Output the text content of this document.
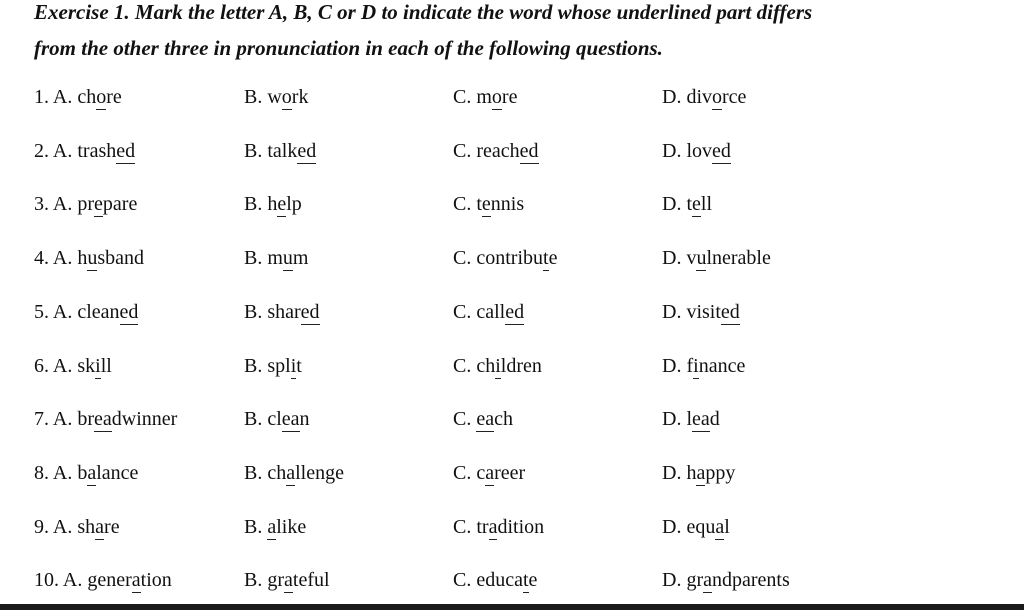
Exercise 1. Mark the letter A, B, C or D to indicate the word whose underlined part differs
from the other three in pronunciation in each of the following questions.
1. A. chore	B. work	C. more	D. divorce
2. A. trashed	B. talked	C. reached	D. loved
3. A. prepare	B. help	C. tennis	D. tell
4. A. husband	B. mum	C. contribute	D. vulnerable
5. A. cleaned	B. shared	C. called	D. visited
6. A. skill	B. split	C. children	D. finance
7. A. breadwinner	B. clean	C. each	D. lead
8. A. balance	B. challenge	C. career	D. happy
9. A. share	B. alike	C. tradition	D. equal
10. A. generation	B. grateful	C. educate	D. grandparents
